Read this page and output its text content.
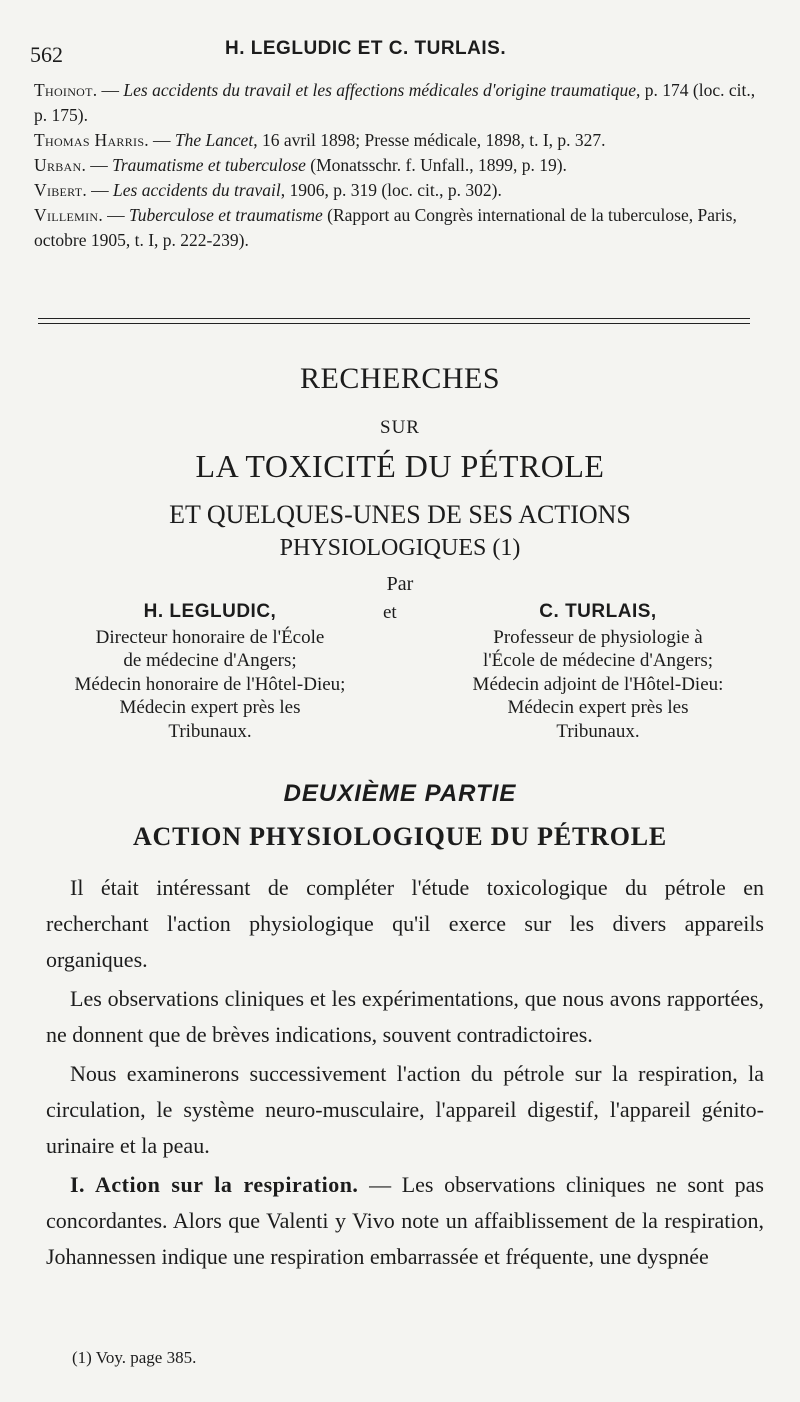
562	H. LEGLUDIC ET C. TURLAIS.

Thoinot. — Les accidents du travail et les affections médicales d'origine traumatique, p. 174 (loc. cit., p. 175).

Thomas Harris. — The Lancet, 16 avril 1898; Presse médicale, 1898, t. I, p. 327.

Urban. — Traumatisme et tuberculose (Monatsschr. f. Unfall., 1899, p. 19).

Vibert. — Les accidents du travail, 1906, p. 319 (loc. cit., p. 302).

Villemin. — Tuberculose et traumatisme (Rapport au Congrès international de la tuberculose, Paris, octobre 1905, t. I, p. 222-239).

RECHERCHES
SUR
LA TOXICITÉ DU PÉTROLE
ET QUELQUES-UNES DE SES ACTIONS
PHYSIOLOGIQUES (1)
Par
H. LEGLUDIC,
Directeur honoraire de l'École
de médecine d'Angers;
Médecin honoraire de l'Hôtel-Dieu;
Médecin expert près les
Tribunaux.
et	C. TURLAIS,
Professeur de physiologie à
l'École de médecine d'Angers;
Médecin adjoint de l'Hôtel-Dieu:
Médecin expert près les
Tribunaux.
DEUXIÈME PARTIE
ACTION PHYSIOLOGIQUE DU PÉTROLE

Il était intéressant de compléter l'étude toxicologique du pétrole en recherchant l'action physiologique qu'il exerce sur les divers appareils organiques.

Les observations cliniques et les expérimentations, que nous avons rapportées, ne donnent que de brèves indications, souvent contradictoires.

Nous examinerons successivement l'action du pétrole sur la respiration, la circulation, le système neuro-musculaire, l'appareil digestif, l'appareil génito-urinaire et la peau.

I. Action sur la respiration. — Les observations cliniques ne sont pas concordantes. Alors que Valenti y Vivo note un affaiblissement de la respiration, Johannessen indique une respiration embarrassée et fréquente, une dyspnée

(1) Voy. page 385.
